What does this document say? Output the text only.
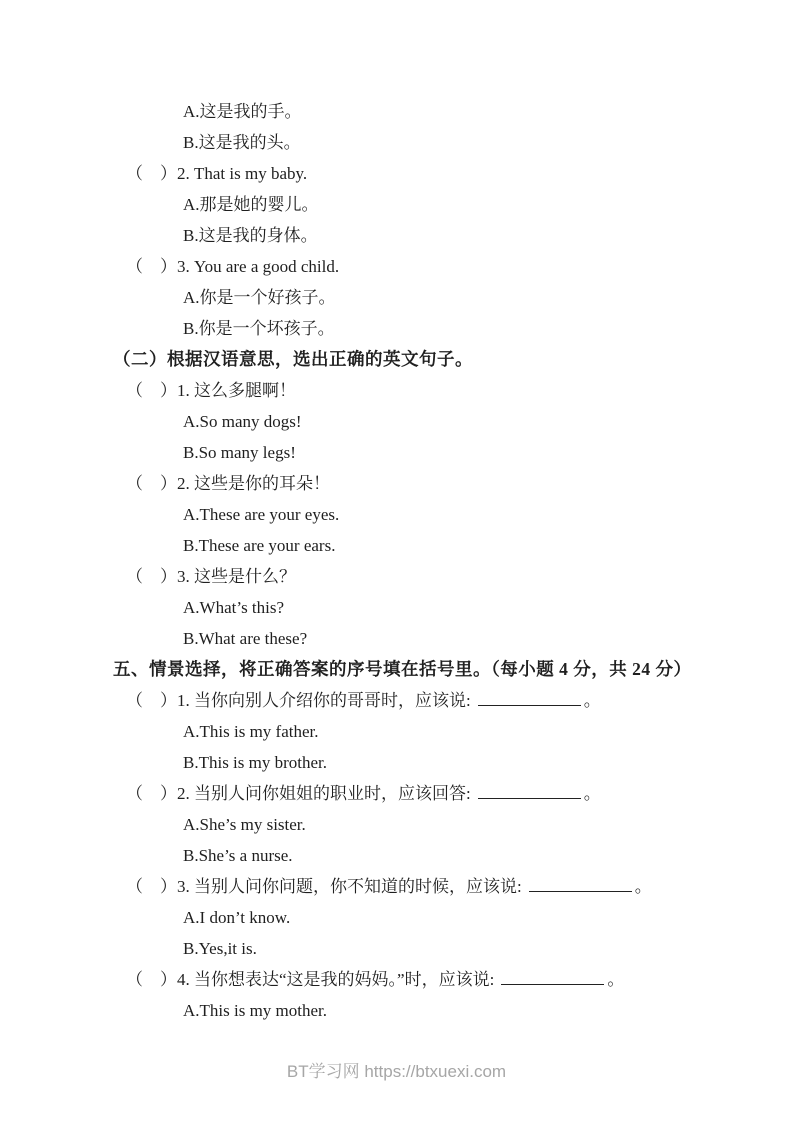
A.这是我的手。
B.这是我的头。
（　）2. That is my baby.
A.那是她的婴儿。
B.这是我的身体。
（　）3. You are a good child.
A.你是一个好孩子。
B.你是一个坏孩子。
（二）根据汉语意思，选出正确的英文句子。
（　）1. 这么多腿啊！
A.So many dogs!
B.So many legs!
（　）2. 这些是你的耳朵！
A.These are your eyes.
B.These are your ears.
（　）3. 这些是什么？
A.What’s this?
B.What are these?
五、情景选择，将正确答案的序号填在括号里。（每小题 4 分，共 24 分）
（　）1. 当你向别人介绍你的哥哥时，应该说:	。
A.This is my father.
B.This is my brother.
（　）2. 当别人问你姐姐的职业时，应该回答:	。
A.She’s my sister.
B.She’s a nurse.
（　）3. 当别人问你问题，你不知道的时候，应该说:	。
A.I don’t know.
B.Yes,it is.
（　）4. 当你想表达“这是我的妈妈。”时，应该说:	。
A.This is my mother.
BT学习网 https://btxuexi.com
